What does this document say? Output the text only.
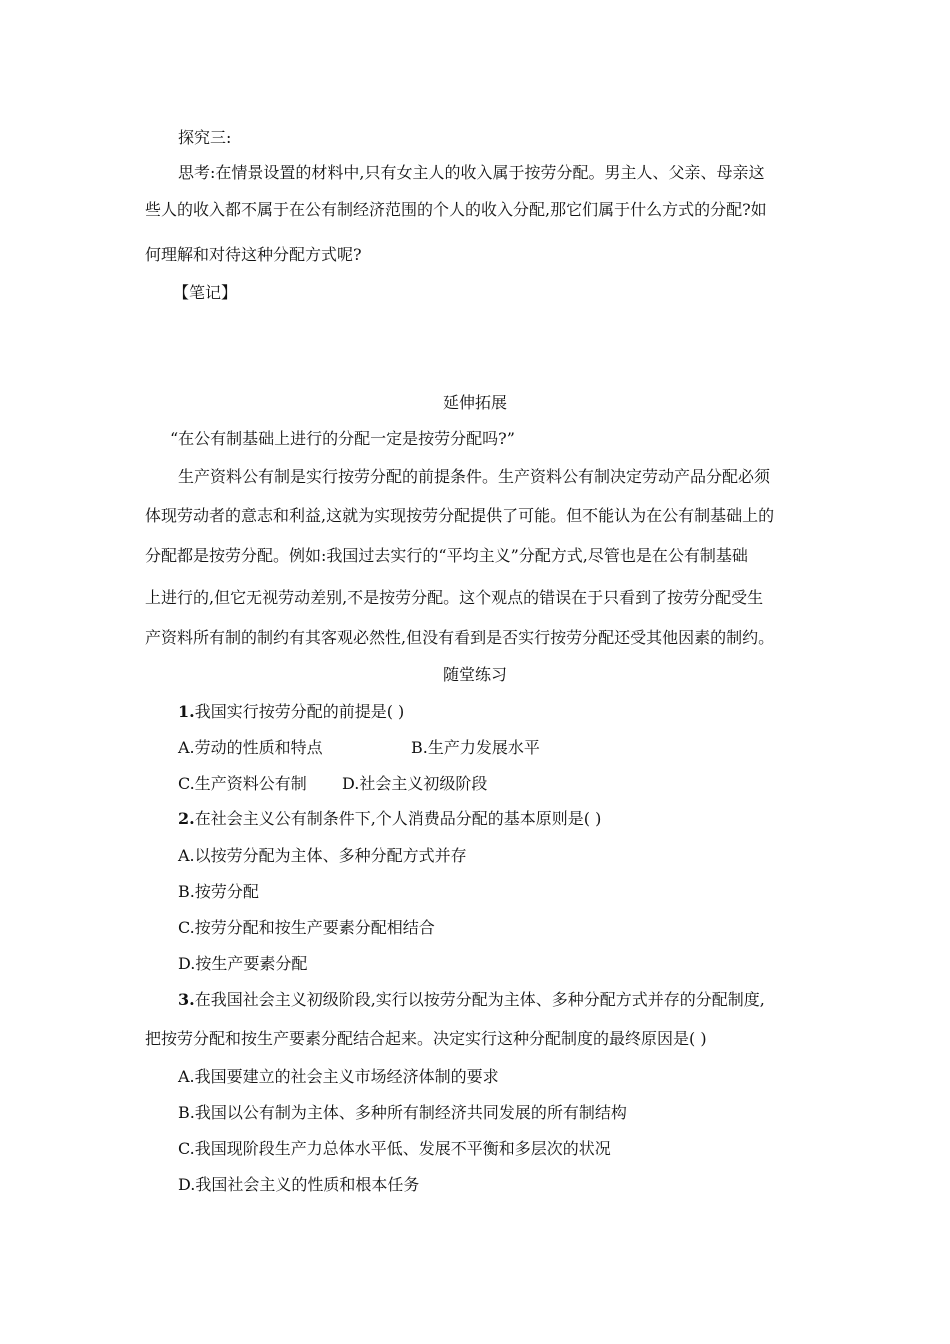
探究三:
思考:在情景设置的材料中,只有女主人的收入属于按劳分配。男主人、父亲、母亲这
些人的收入都不属于在公有制经济范围的个人的收入分配,那它们属于什么方式的分配?如
何理解和对待这种分配方式呢?
【笔记】
延伸拓展
“在公有制基础上进行的分配一定是按劳分配吗?”
生产资料公有制是实行按劳分配的前提条件。生产资料公有制决定劳动产品分配必须
体现劳动者的意志和利益,这就为实现按劳分配提供了可能。但不能认为在公有制基础上的
分配都是按劳分配。例如:我国过去实行的“平均主义”分配方式,尽管也是在公有制基础
上进行的,但它无视劳动差别,不是按劳分配。这个观点的错误在于只看到了按劳分配受生
产资料所有制的制约有其客观必然性,但没有看到是否实行按劳分配还受其他因素的制约。
随堂练习
1.我国实行按劳分配的前提是( )
A.劳动的性质和特点	B.生产力发展水平
C.生产资料公有制 D.社会主义初级阶段
2.在社会主义公有制条件下,个人消费品分配的基本原则是( )
A.以按劳分配为主体、多种分配方式并存
B.按劳分配
C.按劳分配和按生产要素分配相结合
D.按生产要素分配
3.在我国社会主义初级阶段,实行以按劳分配为主体、多种分配方式并存的分配制度,
把按劳分配和按生产要素分配结合起来。决定实行这种分配制度的最终原因是( )
A.我国要建立的社会主义市场经济体制的要求
B.我国以公有制为主体、多种所有制经济共同发展的所有制结构
C.我国现阶段生产力总体水平低、发展不平衡和多层次的状况
D.我国社会主义的性质和根本任务
